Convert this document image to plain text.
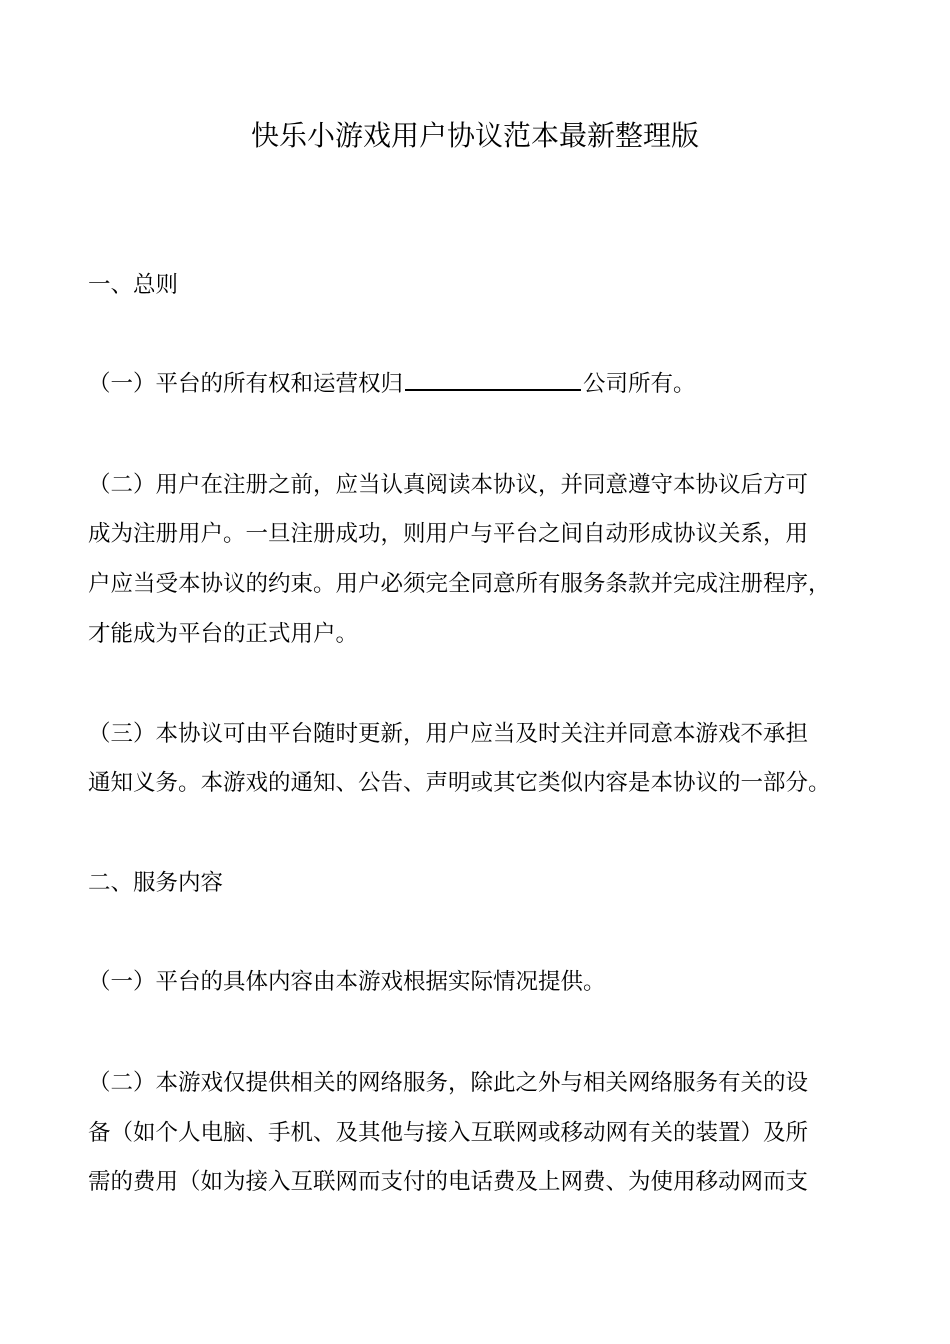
快乐小游戏用户协议范本最新整理版
一、总则
（一）平台的所有权和运营权归	公司所有。
（二）用户在注册之前，应当认真阅读本协议，并同意遵守本协议后方可
成为注册用户。一旦注册成功，则用户与平台之间自动形成协议关系，用
户应当受本协议的约束。用户必须完全同意所有服务条款并完成注册程序，
才能成为平台的正式用户。
（三）本协议可由平台随时更新，用户应当及时关注并同意本游戏不承担
通知义务。本游戏的通知、公告、声明或其它类似内容是本协议的一部分。
二、服务内容
（一）平台的具体内容由本游戏根据实际情况提供。
（二）本游戏仅提供相关的网络服务，除此之外与相关网络服务有关的设
备（如个人电脑、手机、及其他与接入互联网或移动网有关的装置）及所
需的费用（如为接入互联网而支付的电话费及上网费、为使用移动网而支
